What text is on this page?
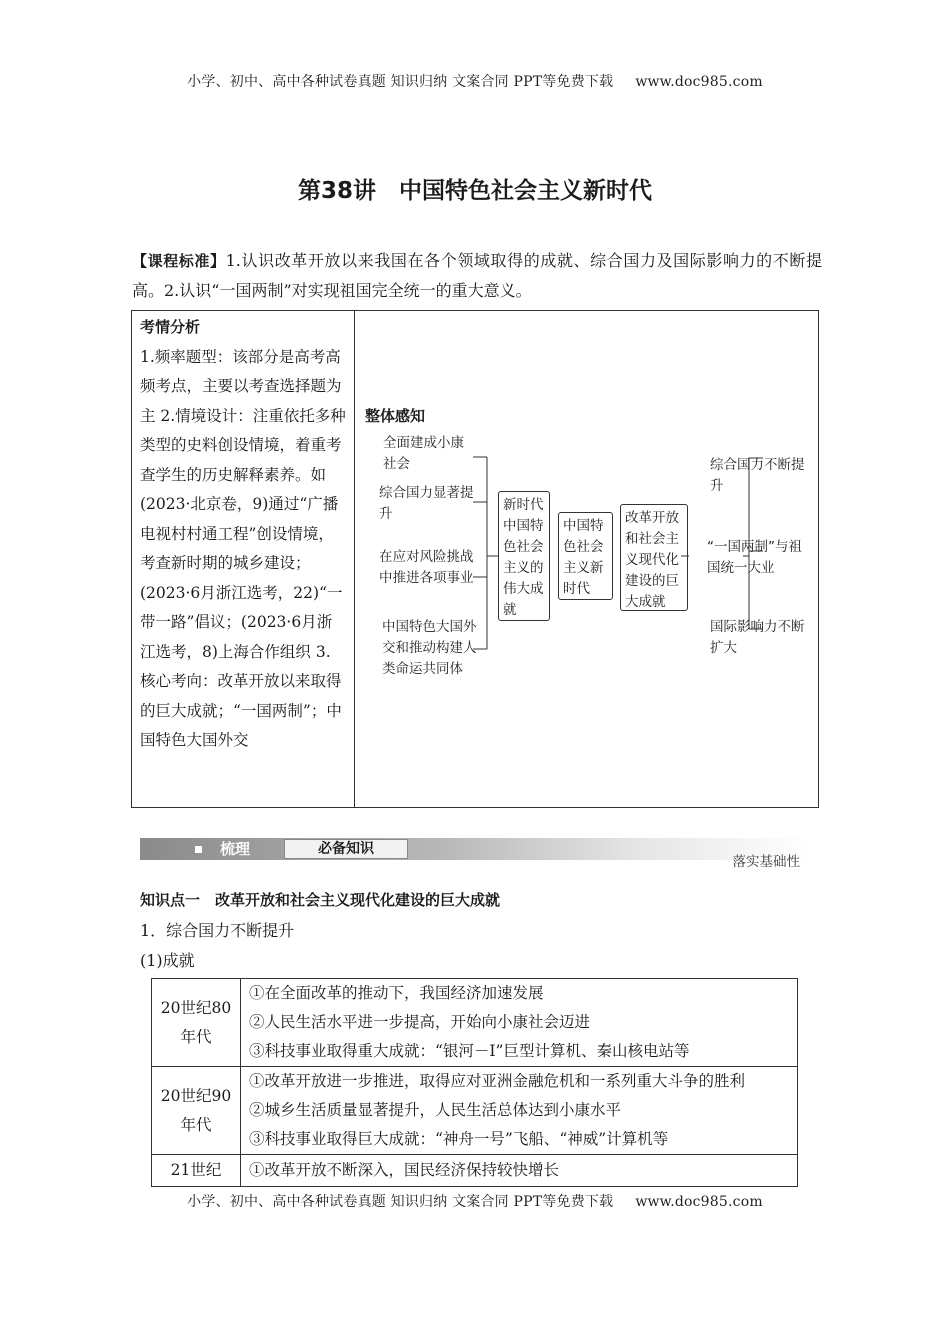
小学、初中、高中各种试卷真题 知识归纳 文案合同 PPT等免费下载 www.doc985.com
第38讲　中国特色社会主义新时代
【课程标准】1.认识改革开放以来我国在各个领域取得的成就、综合国力及国际影响力的不断提高。2.认识“一国两制”对实现祖国完全统一的重大意义。
考情分析
1.频率题型：该部分是高考高频考点，主要以考查选择题为主 2.情境设计：注重依托多种类型的史料创设情境，着重考查学生的历史解释素养。如(2023·北京卷，9)通过“广播电视村村通工程”创设情境，考查新时期的城乡建设；(2023·6月浙江选考，22)“一带一路”倡议；(2023·6月浙江选考，8)上海合作组织 3.核心考向：改革开放以来取得的巨大成就；“一国两制”；中国特色大国外交
整体感知
全面建成小康社会
综合国力显著提升
在应对风险挑战中推进各项事业
中国特色大国外交和推动构建人类命运共同体
新时代中国特色社会主义的伟大成就
中国特色社会主义新时代
改革开放和社会主义现代化建设的巨大成就
综合国力不断提升
“一国两制”与祖国统一大业
国际影响力不断扩大
梳理	必备知识
落实基础性
知识点一　改革开放和社会主义现代化建设的巨大成就
1．综合国力不断提升
(1)成就
20世纪80年代	①在全面改革的推动下，我国经济加速发展
②人民生活水平进一步提高，开始向小康社会迈进
③科技事业取得重大成就：“银河－Ⅰ”巨型计算机、秦山核电站等

20世纪90年代	①改革开放进一步推进，取得应对亚洲金融危机和一系列重大斗争的胜利
②城乡生活质量显著提升，人民生活总体达到小康水平
③科技事业取得巨大成就：“神舟一号”飞船、“神威”计算机等

21世纪	①改革开放不断深入，国民经济保持较快增长
小学、初中、高中各种试卷真题 知识归纳 文案合同 PPT等免费下载 www.doc985.com
